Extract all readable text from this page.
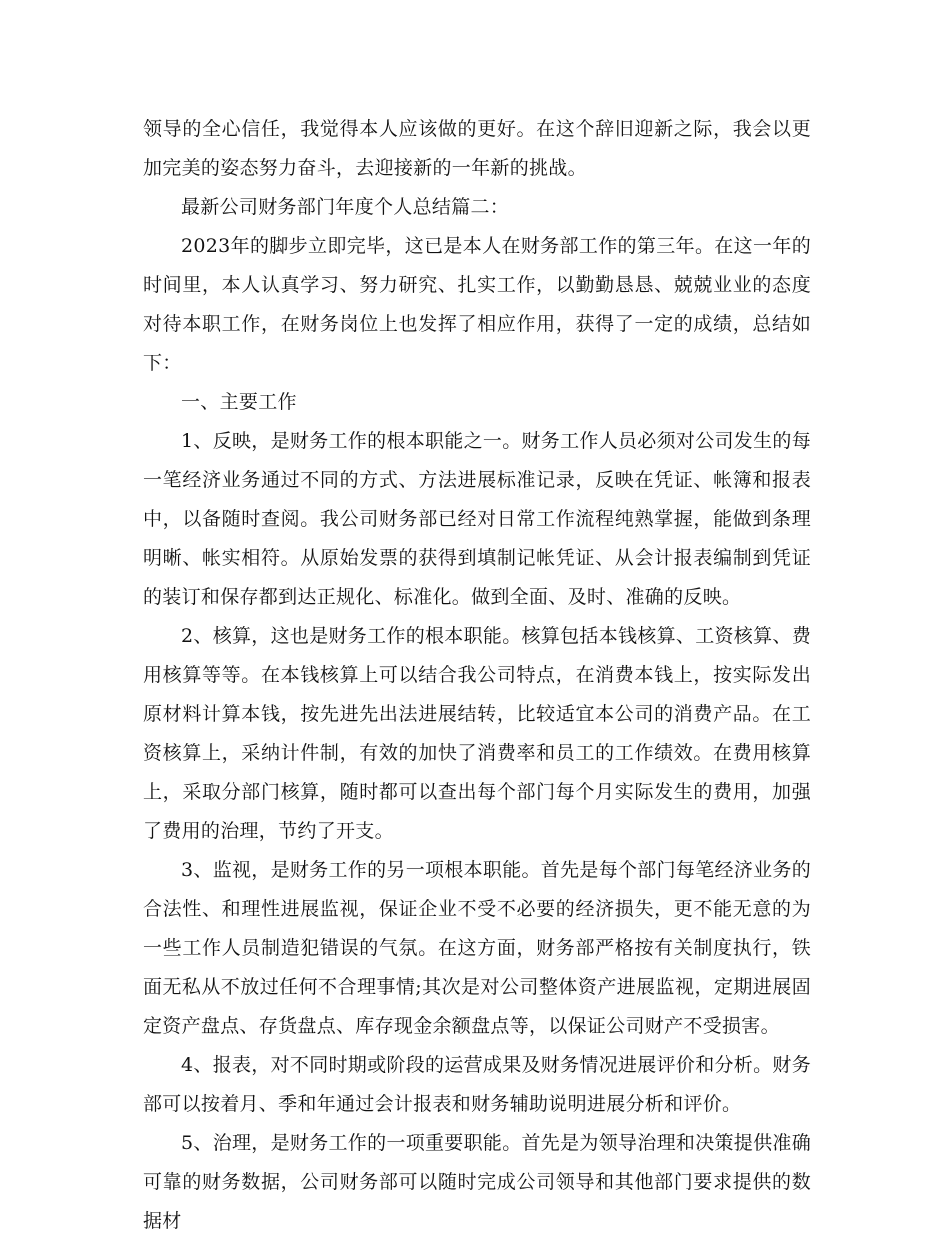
领导的全心信任，我觉得本人应该做的更好。在这个辞旧迎新之际，我会以更加完美的姿态努力奋斗，去迎接新的一年新的挑战。

最新公司财务部门年度个人总结篇二：

2023年的脚步立即完毕，这已是本人在财务部工作的第三年。在这一年的时间里，本人认真学习、努力研究、扎实工作，以勤勤恳恳、兢兢业业的态度对待本职工作，在财务岗位上也发挥了相应作用，获得了一定的成绩，总结如下：

一、主要工作

1、反映，是财务工作的根本职能之一。财务工作人员必须对公司发生的每一笔经济业务通过不同的方式、方法进展标准记录，反映在凭证、帐簿和报表中，以备随时查阅。我公司财务部已经对日常工作流程纯熟掌握，能做到条理明晰、帐实相符。从原始发票的获得到填制记帐凭证、从会计报表编制到凭证的装订和保存都到达正规化、标准化。做到全面、及时、准确的反映。

2、核算，这也是财务工作的根本职能。核算包括本钱核算、工资核算、费用核算等等。在本钱核算上可以结合我公司特点，在消费本钱上，按实际发出原材料计算本钱，按先进先出法进展结转，比较适宜本公司的消费产品。在工资核算上，采纳计件制，有效的加快了消费率和员工的工作绩效。在费用核算上，采取分部门核算，随时都可以查出每个部门每个月实际发生的费用，加强了费用的治理，节约了开支。

3、监视，是财务工作的另一项根本职能。首先是每个部门每笔经济业务的合法性、和理性进展监视，保证企业不受不必要的经济损失，更不能无意的为一些工作人员制造犯错误的气氛。在这方面，财务部严格按有关制度执行，铁面无私从不放过任何不合理事情;其次是对公司整体资产进展监视，定期进展固定资产盘点、存货盘点、库存现金余额盘点等，以保证公司财产不受损害。

4、报表，对不同时期或阶段的运营成果及财务情况进展评价和分析。财务部可以按着月、季和年通过会计报表和财务辅助说明进展分析和评价。

5、治理，是财务工作的一项重要职能。首先是为领导治理和决策提供准确可靠的财务数据，公司财务部可以随时完成公司领导和其他部门要求提供的数据材
